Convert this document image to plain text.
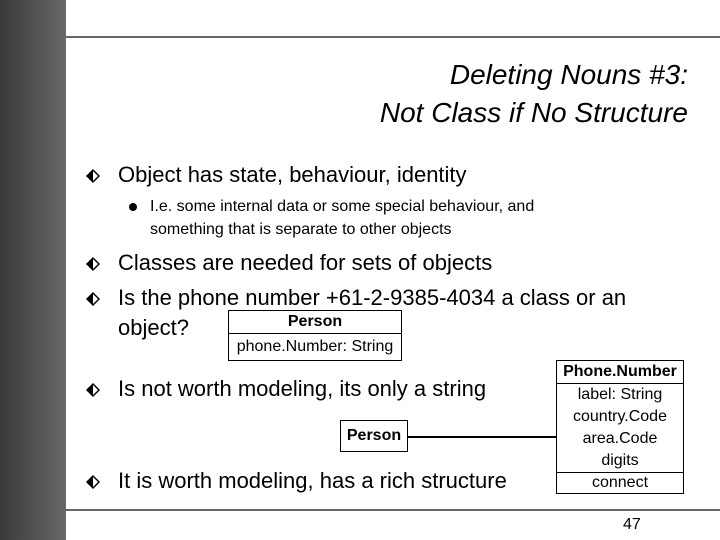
Deleting Nouns #3:
Not Class if No Structure
Object has state, behaviour, identity
I.e. some internal data or some special behaviour, and
something that is separate to other objects
Classes are needed for sets of objects
Is the phone number +61-2-9385-4034 a class or an
object?	Person
phone.Number: String
Is not worth modeling, its only a string
Person
Phone.Number
label: String
country.Code
area.Code
digits
connect
It is worth modeling, has a rich structure
47
